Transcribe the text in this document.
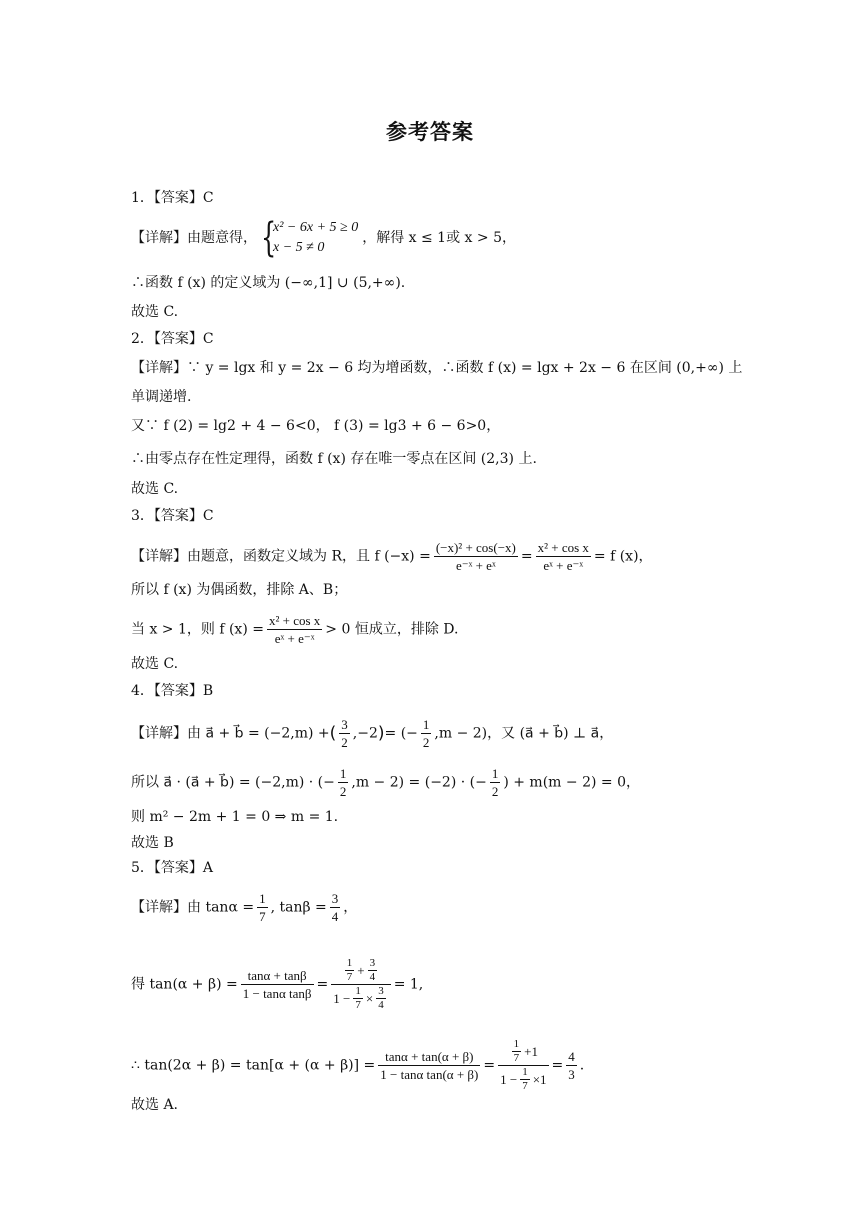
参考答案
1．【答案】C
【详解】由题意得， {
x² − 6x + 5 ≥ 0
x − 5 ≠ 0
，解得 x ≤ 1或 x > 5，
∴函数 f (x) 的定义域为 (−∞,1] ∪ (5,+∞).
故选 C.
2．【答案】C
【详解】∵ y = lgx 和 y = 2x − 6 均为增函数，∴函数 f (x) = lgx + 2x − 6 在区间 (0,+∞) 上
单调递增.
又∵ f (2) = lg2 + 4 − 6<0， f (3) = lg3 + 6 − 6>0，
∴由零点存在性定理得，函数 f (x) 存在唯一零点在区间 (2,3) 上.
故选 C.
3．【答案】C
【详解】由题意，函数定义域为 R，且 f $(-x) = \frac{\text{(−x)² + cos(−x)}}{\text{e⁻ˣ + eˣ}} = \frac{\text{x² + cos x}}{\text{eˣ + e⁻ˣ}} = f$ (x)，
所以 f (x) 为偶函数，排除 A、B；
当 x > 1，则 f $(x) = \frac{\text{x² + cos x}}{\text{eˣ + e⁻ˣ}} > 0$ 恒成立，排除 D.
故选 C.
4．【答案】B
【详解】由 a⃗ + b⃗ = (−2,m) +( $\frac{3}{2} ,-2)=$ (− $\frac{1}{2} ,m - 2$)，又 (a⃗ + b⃗) ⊥ a⃗，
所以 a⃗ · (a⃗ + b⃗) = (−2,m) · (− $\frac{1}{2} ,m - 2) = (-2)$ · (− $\frac{1}{2}$ ) + m(m − 2) = 0，
则 m² − 2m + 1 = 0 ⇒ m = 1.
故选 B
5．【答案】A
【详解】由 $\tan\alpha = \frac{1}{7}$ , $\tan\beta = \frac{3}{4}$ ，
得 $\tan(\alpha + \beta) = \frac{\tan\alpha + \tan\beta}{\text{1 − tanα tanβ}} = \frac{\frac{1}{7} + \frac{3}{4}}{1 - \frac{1}{7} \times \frac{3}{4}} = 1$,
∴ $\tan(2\alpha + \beta) = \tan[\alpha + (\alpha + \beta)] = \frac{\tan\alpha + \tan(\alpha + \beta)}{\text{1 − tanα tan(α + β)}} = \frac{\frac{1}{7} +1}{1 - \frac{1}{7} \times 1} = \frac{4}{3}$ .
故选 A.
